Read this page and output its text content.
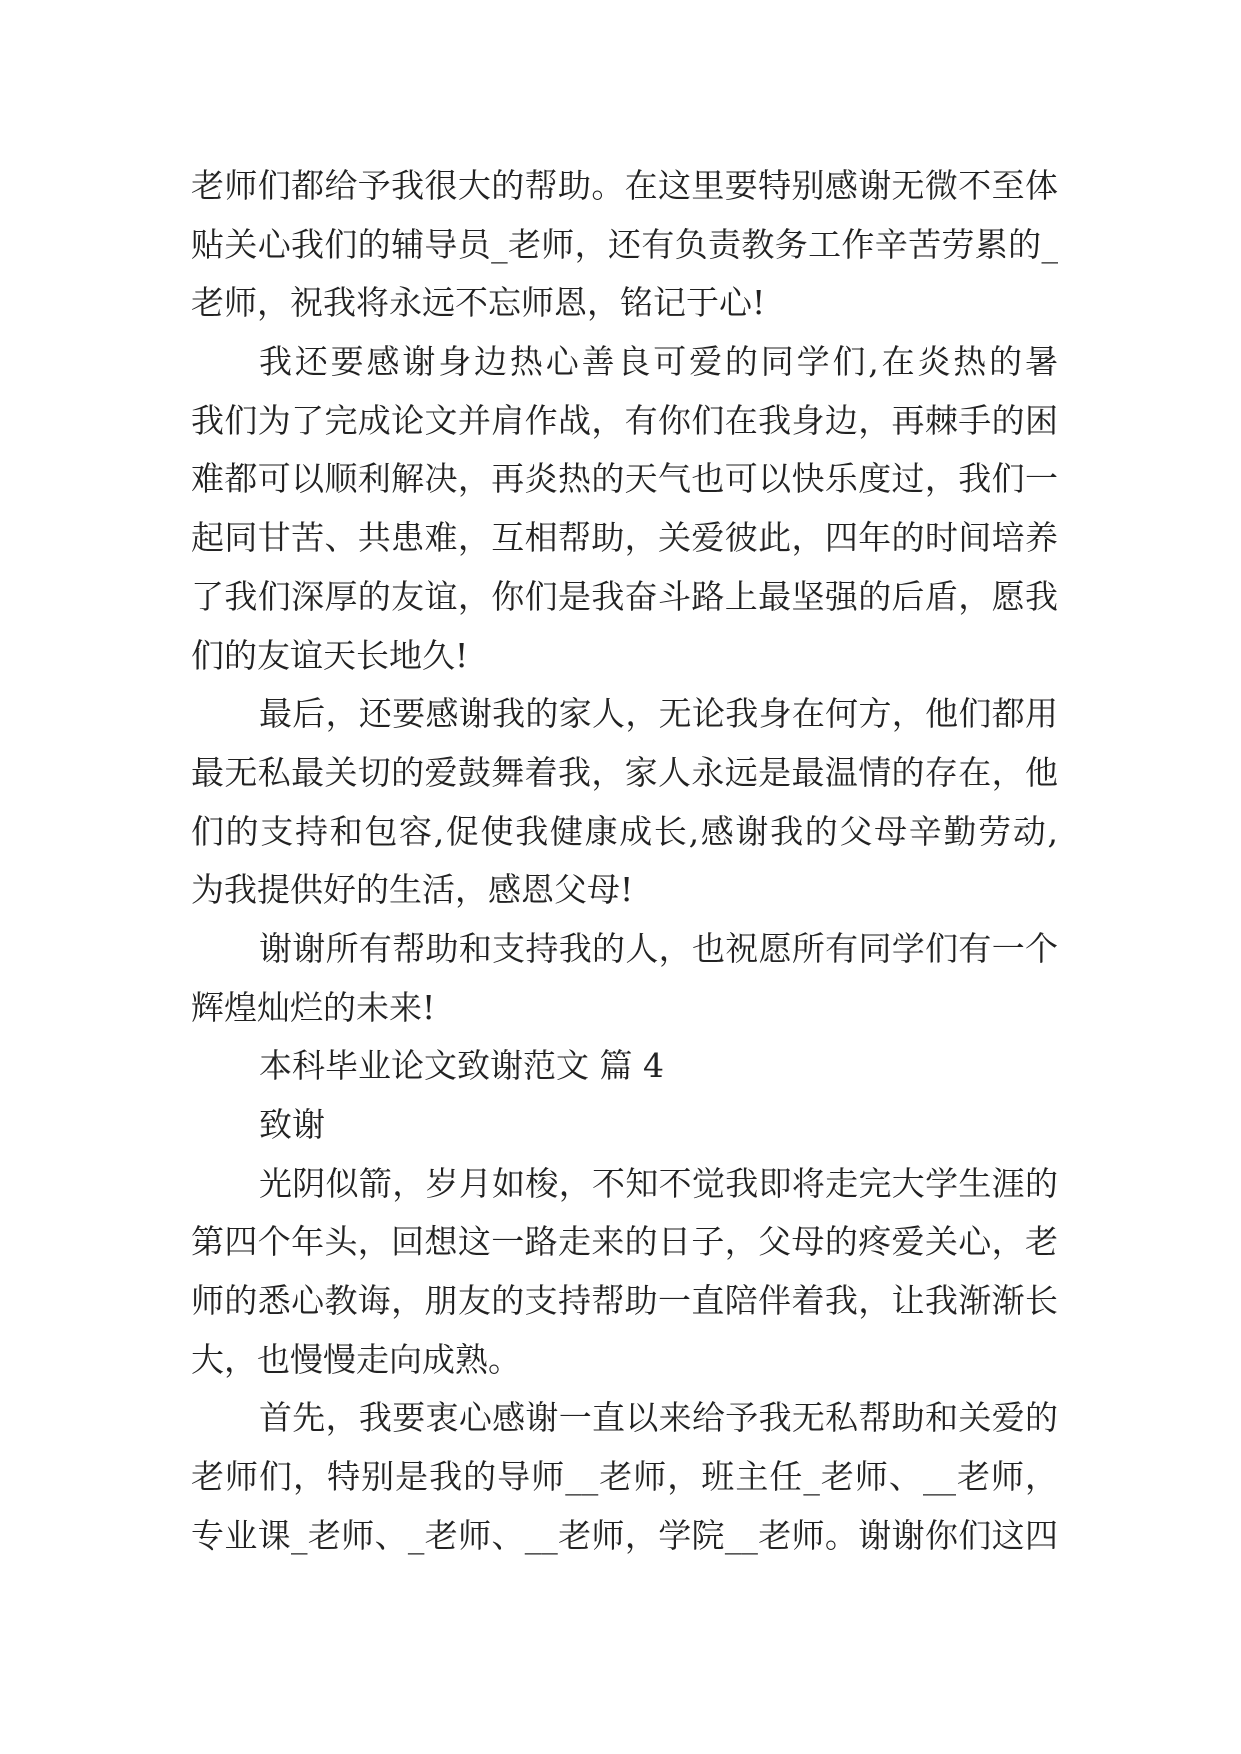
老师们都给予我很大的帮助。在这里要特别感谢无微不至体
贴关心我们的辅导员_老师，还有负责教务工作辛苦劳累的_
老师，祝我将永远不忘师恩，铭记于心!
我还要感谢身边热心善良可爱的同学们,在炎热的暑
我们为了完成论文并肩作战，有你们在我身边，再棘手的困
难都可以顺利解决，再炎热的天气也可以快乐度过，我们一
起同甘苦、共患难，互相帮助，关爱彼此，四年的时间培养
了我们深厚的友谊，你们是我奋斗路上最坚强的后盾，愿我
们的友谊天长地久!
最后，还要感谢我的家人，无论我身在何方，他们都用
最无私最关切的爱鼓舞着我，家人永远是最温情的存在，他
们的支持和包容,促使我健康成长,感谢我的父母辛勤劳动,
为我提供好的生活，感恩父母!
谢谢所有帮助和支持我的人，也祝愿所有同学们有一个
辉煌灿烂的未来!
本科毕业论文致谢范文 篇 4
致谢
光阴似箭，岁月如梭，不知不觉我即将走完大学生涯的
第四个年头，回想这一路走来的日子，父母的疼爱关心，老
师的悉心教诲，朋友的支持帮助一直陪伴着我，让我渐渐长
大，也慢慢走向成熟。
首先，我要衷心感谢一直以来给予我无私帮助和关爱的
老师们，特别是我的导师__老师，班主任_老师、__老师，
专业课_老师、_老师、__老师，学院__老师。谢谢你们这四
